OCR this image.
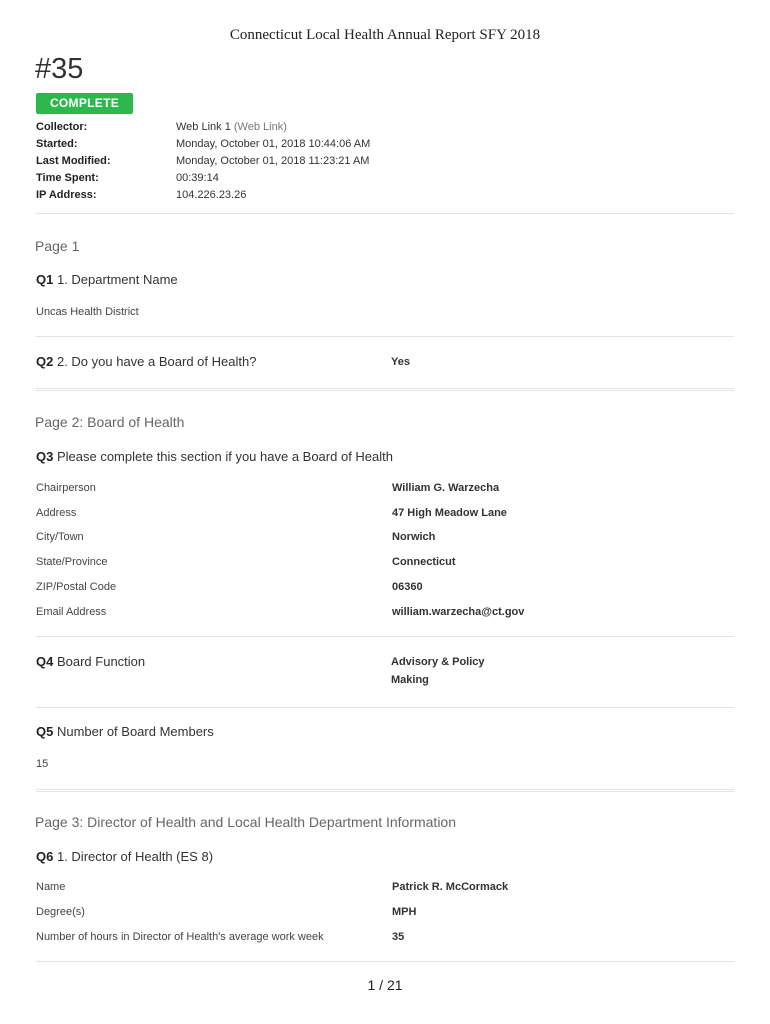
Connecticut Local Health Annual Report SFY 2018
#35
COMPLETE
Collector:	Web Link 1 (Web Link)
Started:	Monday, October 01, 2018 10:44:06 AM
Last Modified:	Monday, October 01, 2018 11:23:21 AM
Time Spent:	00:39:14
IP Address:	104.226.23.26
Page 1
Q1 1. Department Name
Uncas Health District
Q2 2. Do you have a Board of Health?	Yes
Page 2: Board of Health
Q3 Please complete this section if you have a Board of Health
Chairperson	William G. Warzecha
Address	47 High Meadow Lane
City/Town	Norwich
State/Province	Connecticut
ZIP/Postal Code	06360
Email Address	william.warzecha@ct.gov
Q4 Board Function	Advisory & Policy
Making
Q5 Number of Board Members
15
Page 3: Director of Health and Local Health Department Information
Q6 1. Director of Health (ES 8)
Name	Patrick R. McCormack
Degree(s)	MPH
Number of hours in Director of Health's average work week	35
1 / 21
